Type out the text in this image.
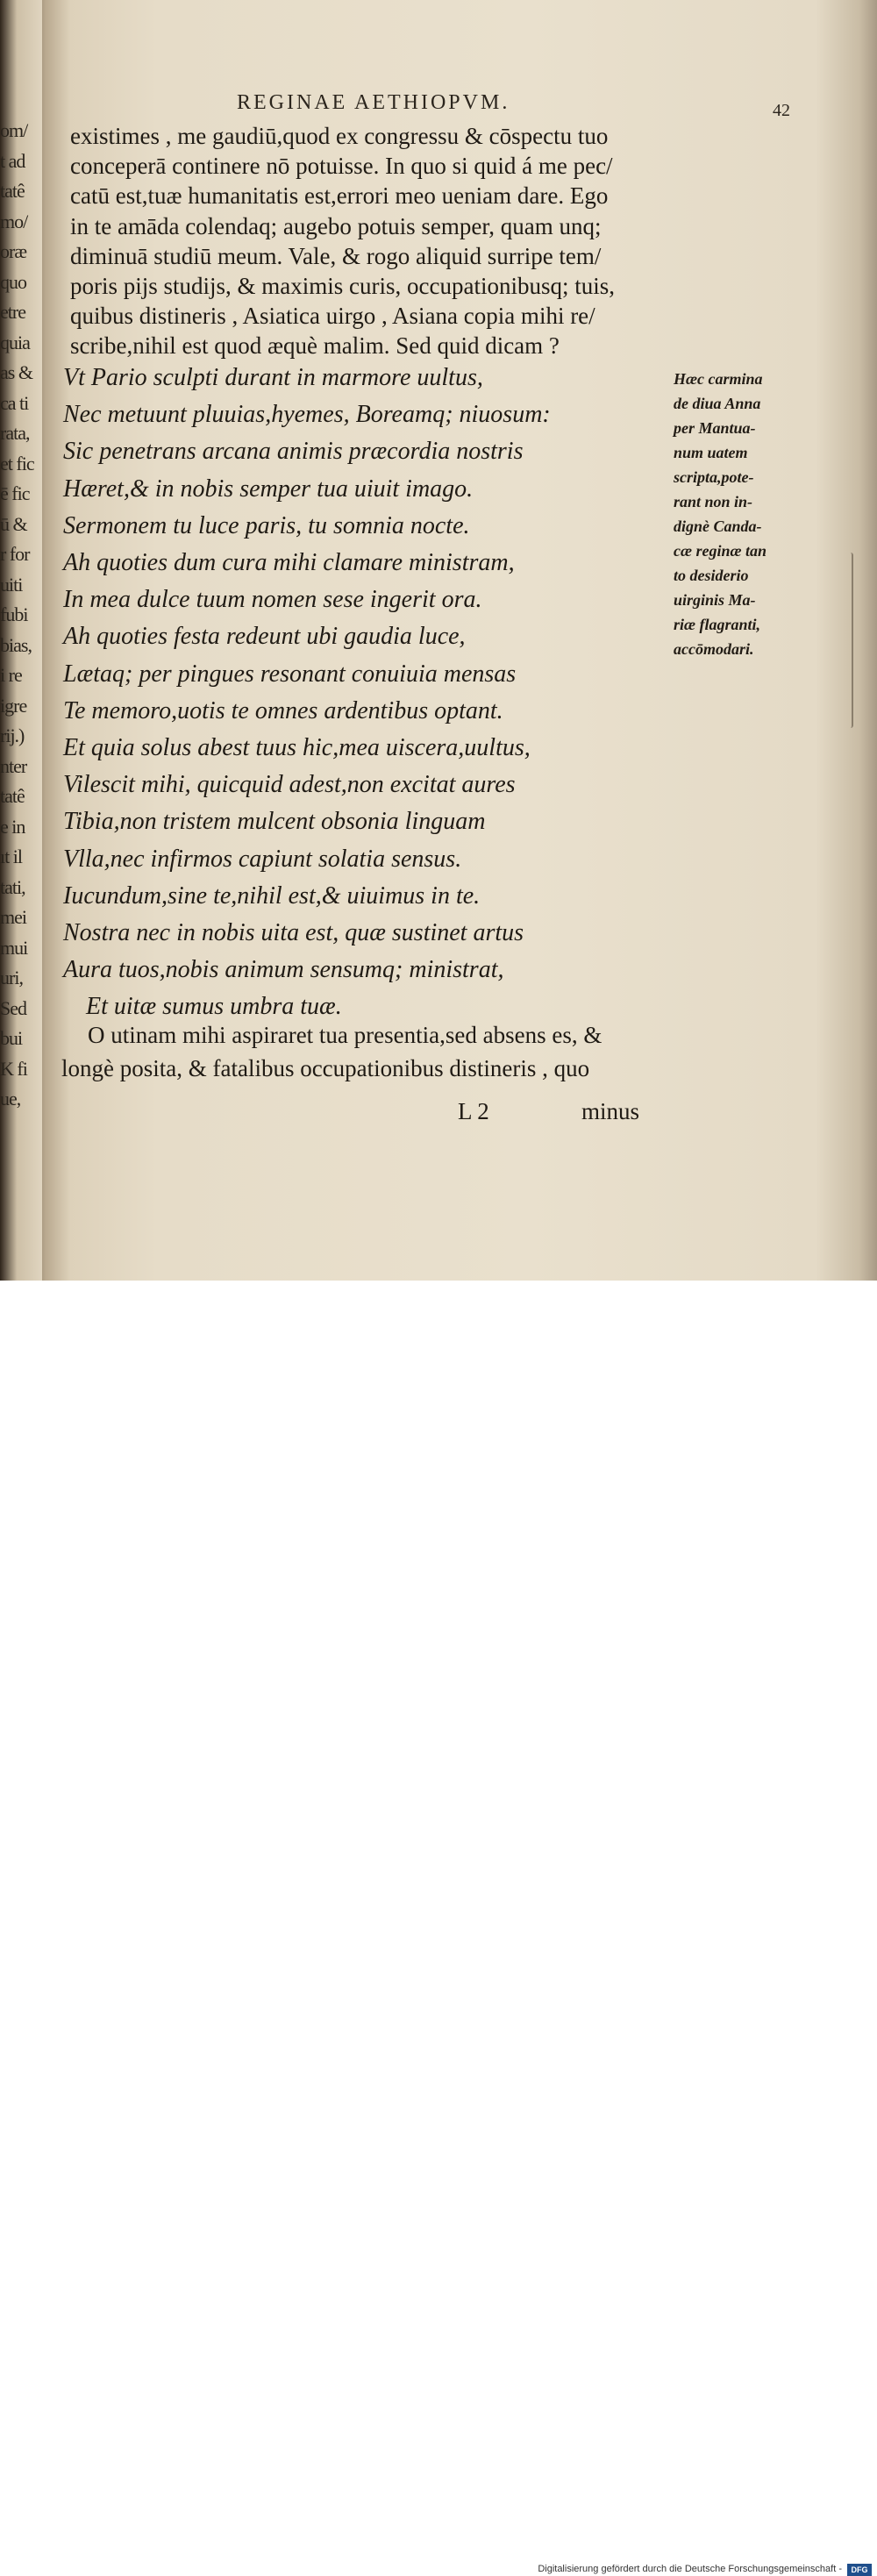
om/
t ad
tatê
mo/
oræ
quo
etre
quia
as &
ca ti
rata,
et fic
ē fic
ū &
r for
uiti
fubi
bias,
i re
igre
rij.)
nter
tatê
e in
ıt il
tati,
mei
mui
uri,
Sed
bui
K fi
ue,
REGINAE AETHIOPVM.	42
existimes , me gaudiū,quod ex congressu & cōspectu tuo
conceperā continere nō potuisse. In quo si quid á me pec/
catū est,tuæ humanitatis est,errori meo ueniam dare. Ego
in te amāda colendaq; augebo potuis semper, quam unq;
diminuā studiū meum. Vale, & rogo aliquid surripe tem/
poris pijs studijs, & maximis curis, occupationibusq; tuis,
quibus distineris , Asiatica uirgo , Asiana copia mihi re/
scribe,nihil est quod æquè malim. Sed quid dicam ?
Vt Pario sculpti durant in marmore uultus,
Nec metuunt pluuias,hyemes, Boreamq; niuosum:
Sic penetrans arcana animis præcordia nostris
Hæret,& in nobis semper tua uiuit imago.
Sermonem tu luce paris, tu somnia nocte.
Ah quoties dum cura mihi clamare ministram,
In mea dulce tuum nomen sese ingerit ora.
Ah quoties festa redeunt ubi gaudia luce,
Lætaq; per pingues resonant conuiuia mensas
Te memoro,uotis te omnes ardentibus optant.
Et quia solus abest tuus hic,mea uiscera,uultus,
Vilescit mihi, quicquid adest,non excitat aures
Tibia,non tristem mulcent obsonia linguam
Vlla,nec infirmos capiunt solatia sensus.
Iucundum,sine te,nihil est,& uiuimus in te.
Nostra nec in nobis uita est, quæ sustinet artus
Aura tuos,nobis animum sensumq; ministrat,
Et uitæ sumus umbra tuæ.
O utinam mihi aspiraret tua presentia,sed absens es, &
longè posita, & fatalibus occupationibus distineris , quo
Hæc carmina
de diua Anna
per Mantua-
num uatem
scripta,pote-
rant non in-
dignè Canda-
cæ reginæ tan
to desiderio
uirginis Ma-
riæ flagranti,
accōmodari.
L 2	minus
Digitalisierung gefördert durch die Deutsche Forschungsgemeinschaft -	DFG
